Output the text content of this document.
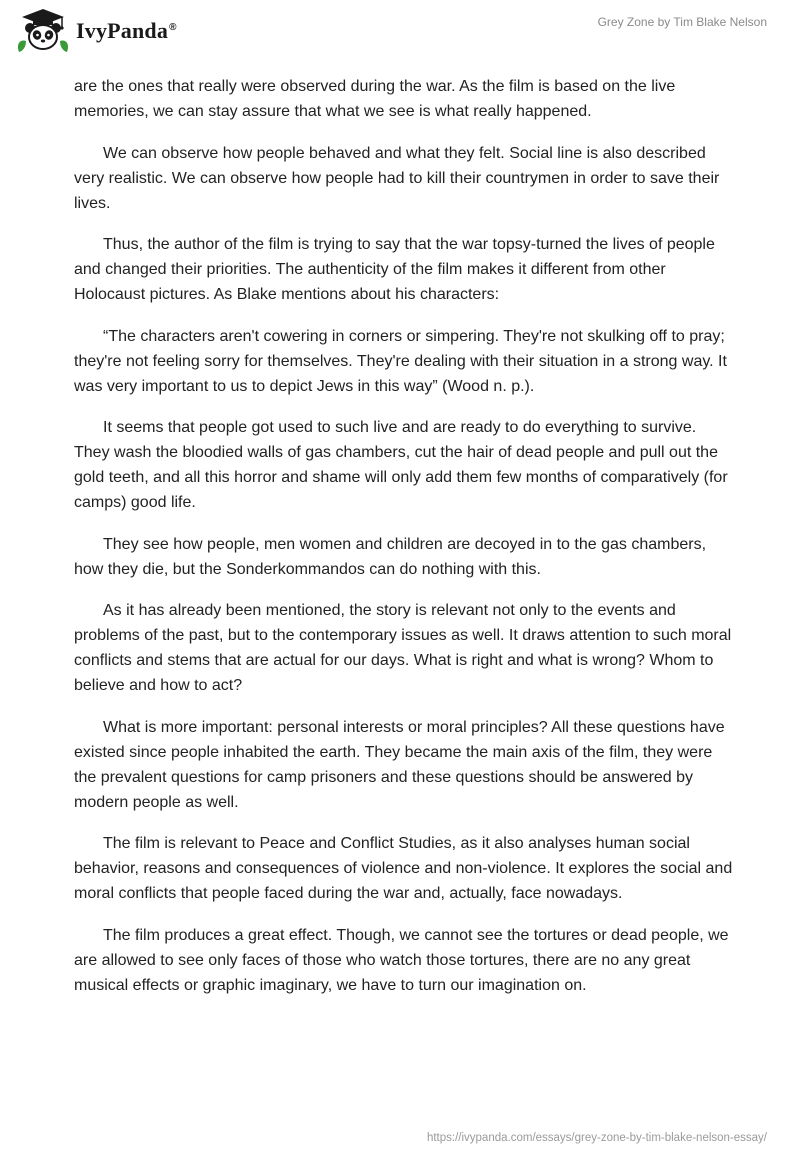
IvyPanda®	Grey Zone by Tim Blake Nelson

are the ones that really were observed during the war. As the film is based on the live memories, we can stay assure that what we see is what really happened.

We can observe how people behaved and what they felt. Social line is also described very realistic. We can observe how people had to kill their countrymen in order to save their lives.

Thus, the author of the film is trying to say that the war topsy-turned the lives of people and changed their priorities. The authenticity of the film makes it different from other Holocaust pictures. As Blake mentions about his characters:

“The characters aren't cowering in corners or simpering. They're not skulking off to pray; they're not feeling sorry for themselves. They're dealing with their situation in a strong way. It was very important to us to depict Jews in this way” (Wood n. p.).

It seems that people got used to such live and are ready to do everything to survive. They wash the bloodied walls of gas chambers, cut the hair of dead people and pull out the gold teeth, and all this horror and shame will only add them few months of comparatively (for camps) good life.

They see how people, men women and children are decoyed in to the gas chambers, how they die, but the Sonderkommandos can do nothing with this.

As it has already been mentioned, the story is relevant not only to the events and problems of the past, but to the contemporary issues as well. It draws attention to such moral conflicts and stems that are actual for our days. What is right and what is wrong? Whom to believe and how to act?

What is more important: personal interests or moral principles? All these questions have existed since people inhabited the earth. They became the main axis of the film, they were the prevalent questions for camp prisoners and these questions should be answered by modern people as well.

The film is relevant to Peace and Conflict Studies, as it also analyses human social behavior, reasons and consequences of violence and non-violence. It explores the social and moral conflicts that people faced during the war and, actually, face nowadays.

The film produces a great effect. Though, we cannot see the tortures or dead people, we are allowed to see only faces of those who watch those tortures, there are no any great musical effects or graphic imaginary, we have to turn our imagination on.

https://ivypanda.com/essays/grey-zone-by-tim-blake-nelson-essay/
